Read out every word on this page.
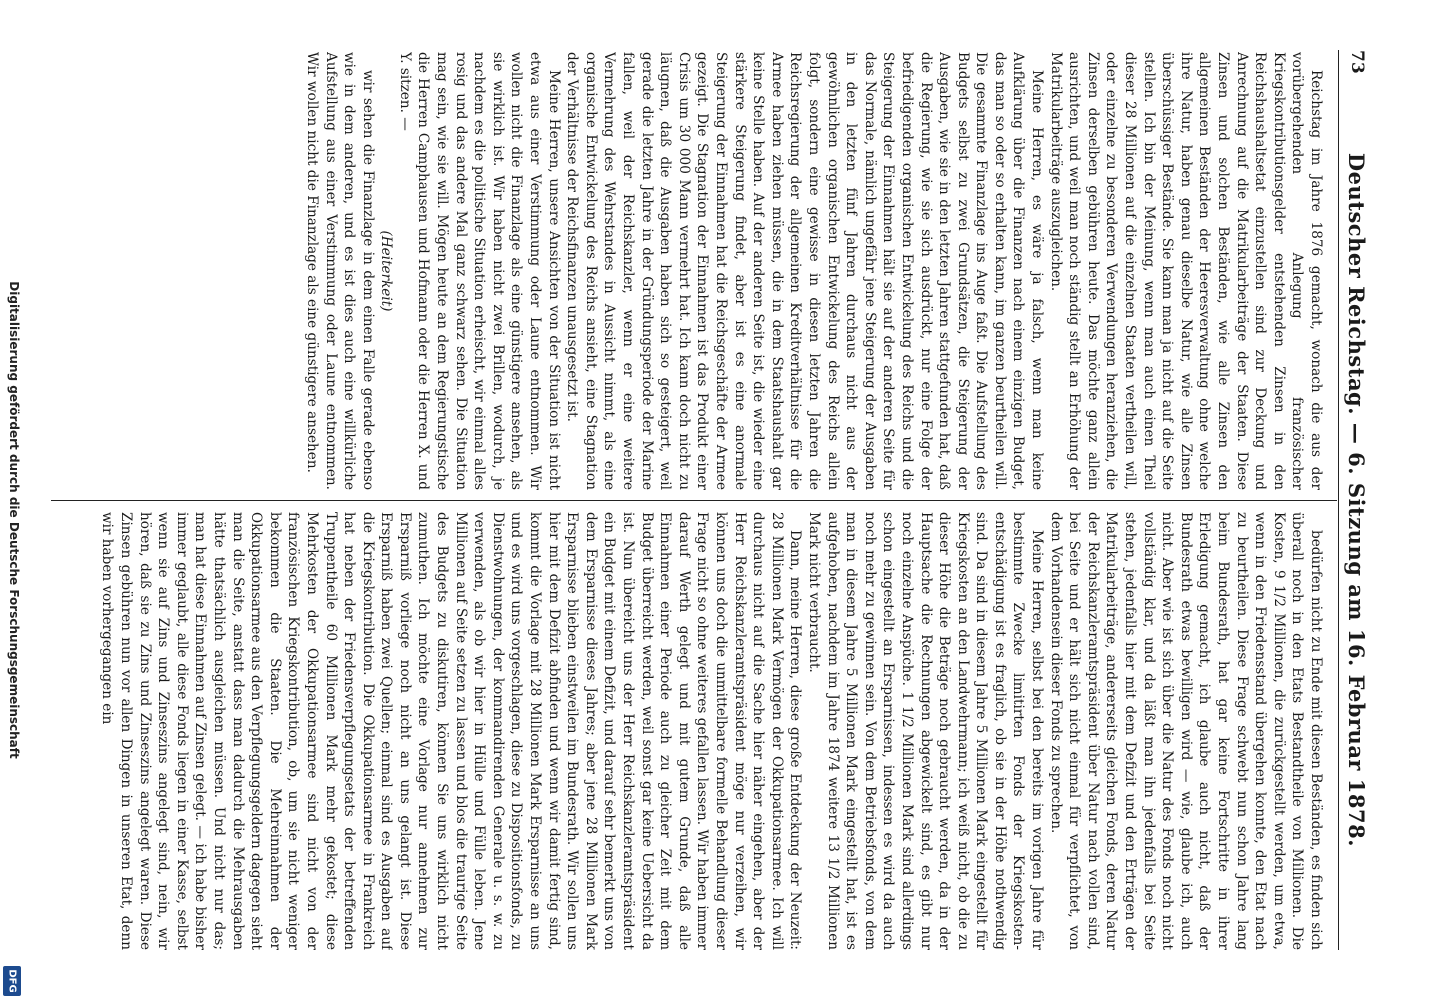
Digitalisierung gefördert durch die Deutsche Forschungsgemeinschaft
DFG
73
Deutscher Reichstag. — 6. Sitzung am 16. Februar 1878.

Reichstag im Jahre 1876 gemacht, wonach die aus der vorübergehenden Anlegung französischer Kriegskontributionsgelder entstehenden Zinsen in den Reichshaushaltsetat einzustellen sind zur Deckung und Anrechnung auf die Matrikularbeiträge der Staaten. Diese Zinsen und solchen Beständen, wie alle Zinsen den allgemeinen Beständen der Heeresverwaltung ohne welche ihre Natur, haben genau dieselbe Natur, wie alle Zinsen überschüssiger Bestände. Sie kann man ja nicht auf die Seite stellen. Ich bin der Meinung, wenn man auch einen Theil dieser 28 Millionen auf die einzelnen Staaten vertheilen will, oder einzelne zu besonderen Verwendungen heranziehen, die Zinsen derselben gebühren heute. Das möchte ganz allein ausrichten, und weil man noch ständig stellt an Erhöhung der Matrikularbeiträge auszugleichen.

Meine Herren, es wäre ja falsch, wenn man keine Aufklärung über die Finanzen nach einem einzigen Budget, das man so oder so erhalten kann, im ganzen beurtheilen will. Die gesammte Finanzlage ins Auge faßt. Die Aufstellung des Budgets selbst zu zwei Grundsätzen, die Steigerung der Ausgaben, wie sie in den letzten Jahren stattgefunden hat, daß die Regierung, wie sie sich ausdrückt, nur eine Folge der befriedigenden organischen Entwickelung des Reichs und die Steigerung der Einnahmen hält sie auf der anderen Seite für das Normale, nämlich ungefähr jene Steigerung der Ausgaben in den letzten fünf Jahren durchaus nicht aus der gewöhnlichen organischen Entwickelung des Reichs allein folgt, sondern eine gewisse in diesen letzten Jahren die Reichsregierung der allgemeinen Kreditverhältnisse für die Armee haben ziehen müssen, die in dem Staatshaushalt gar keine Stelle haben. Auf der anderen Seite ist, die wieder eine stärkere Steigerung findet, aber ist es eine anormale Steigerung der Einnahmen hat die Reichsgeschäfte der Armee gezeigt. Die Stagnation der Einnahmen ist das Produkt einer Crisis um 30 000 Mann vermehrt hat. Ich kann doch nicht zu läugnen, daß die Ausgaben haben sich so gesteigert, weil gerade die letzten Jahre in der Gründungsperiode der Marine fallen, weil der Reichskanzler, wenn er eine weitere Vermehrung des Wehrstandes in Aussicht nimmt, als eine organische Entwickelung des Reichs ansieht, eine Stagnation der Verhältnisse der Reichsfinanzen unausgesetzt ist.

Meine Herren, unsere Ansichten von der Situation ist nicht etwa aus einer Verstimmung oder Laune entnommen. Wir wollen nicht die Finanzlage als eine günstigere ansehen, als sie wirklich ist. Wir haben nicht zwei Brillen, wodurch, je nachdem es die politische Situation erheischt, wir einmal alles rosig und das andere Mal ganz schwarz sehen. Die Situation mag sein, wie sie will. Mögen heute an dem Regierungstische die Herren Camphausen und Hofmann oder die Herren X. und Y. sitzen. —

(Heiterkeit)

wir sehen die Finanzlage in dem einen Falle gerade ebenso wie in dem anderen, und es ist dies auch eine willkürliche Aufstellung aus einer Verstimmung oder Laune entnommen. Wir wollen nicht die Finanzlage als eine günstigere ansehen.

bedürfen nicht zu Ende mit diesen Beständen, es finden sich überall noch in den Etats Bestandtheile von Millionen. Die Kosten, 9 1/2 Millionen, die zurückgestellt werden, um etwa, wenn in den Friedensstand übergehen konnte, den Etat nach zu beurtheilen. Diese Frage schwebt nun schon Jahre lang beim Bundesrath, hat gar keine Fortschritte in ihrer Erledigung gemacht, ich glaube auch nicht, daß der Bundesrath etwas bewilligen wird — wie, glaube ich, auch nicht. Aber wie ist sich über die Natur des Fonds noch nicht vollständig klar, und da läßt man ihn jedenfalls bei Seite stehen, jedenfalls hier mit dem Defizit und den Erträgen der Matrikularbeiträge, andererseits gleichen Fonds, deren Natur der Reichskanzleramtspräsident über Natur nach vollen sind, bei Seite und er hält sich nicht einmal für verpflichtet, von dem Vorhandensein dieser Fonds zu sprechen.

Meine Herren, selbst bei den bereits im vorigen Jahre für bestimmte Zwecke limitirten Fonds der Kriegskosten-entschädigung ist es fraglich, ob sie in der Höhe nothwendig sind. Da sind in diesem Jahre 5 Millionen Mark eingestellt für Kriegskosten an den Landwehrmann; ich weiß nicht, ob die zu dieser Höhe die Beträge noch gebraucht werden, da in der Hauptsache die Rechnungen abgewickelt sind, es gibt nur noch einzelne Anspüche. 1 1/2 Millionen Mark sind allerdings schon eingestellt an Ersparnissen, indessen es wird da auch noch mehr zu gewinnen sein. Von dem Betriebsfonds, von dem man in diesem Jahre 5 Millionen Mark eingestellt hat, ist es aufgehoben, nachdem im Jahre 1874 weitere 13 1/2 Millionen Mark nicht verbraucht.

Dann, meine Herren, diese große Entdeckung der Neuzeit: 28 Millionen Mark Vermögen der Okkupationsarmee. Ich will durchaus nicht auf die Sache hier näher eingehen, aber der Herr Reichskanzleramtspräsident möge nur verzeihen, wir können uns doch die unmittelbare formelle Behandlung dieser Frage nicht so ohne weiteres gefallen lassen. Wir haben immer darauf Werth gelegt und mit gutem Grunde, daß alle Einnahmen einer Periode auch zu gleicher Zeit mit dem Budget überreicht werden, weil sonst gar keine Uebersicht da ist. Nun übereicht uns der Herr Reichskanzleramtspräsident ein Budget mit einem Defizit, und darauf sehr bemerkt uns von dem Ersparnisse dieses Jahres; aber jene 28 Millionen Mark Ersparnisse blieben einstweilen im Bundesrath. Wir sollen uns hier mit dem Defizit abfinden und wenn wir damit fertig sind, kommt die Vorlage mit 28 Millionen Mark Ersparnisse an uns und es wird uns vorgeschlagen, diese zu Dispositionsfonds, zu Dienstwohnungen, der kommandirenden Generale u. s. w. zu verwenden, als ob wir hier in Hülle und Fülle leben. Jene Millionen auf Seite setzen zu lassen und blos die traurige Seite des Budgets zu diskutiren, können Sie uns wirklich nicht zumuthen. Ich möchte eine Vorlage nur annehmen zur Ersparniß vorliege noch nicht an uns gelangt ist. Diese Ersparniß haben zwei Quellen; einmal sind es Ausgaben auf die Kriegskontribution. Die Okkupationsarmee in Frankreich hat neben der Friedensverpflegungsetats der betreffenden Truppentheile 60 Millionen Mark mehr gekostet; diese Mehrkosten der Okkupationsarmee sind nicht von der französischen Kriegskontribution, ob, um sie nicht weniger bekommen die Staaten. Die Mehreinnahmen der Okkupationsarmee aus den Verpflegungsgeldern dagegen sieht man die Seite, anstatt dass man dadurch die Mehrausgaben hätte thatsächlich ausgleichen müssen. Und nicht nur das; man hat diese Einnahmen auf Zinsen gelegt. — ich habe bisher immer geglaubt, alle diese Fonds liegen in einer Kasse, selbst wenn sie auf Zins und Zinseszins angelegt sind, nein, wir hören, daß sie zu Zins und Zinseszins angelegt waren. Diese Zinsen gebühren nun vor allen Dingen in unseren Etat, denn wir haben vorhergegangen ein
